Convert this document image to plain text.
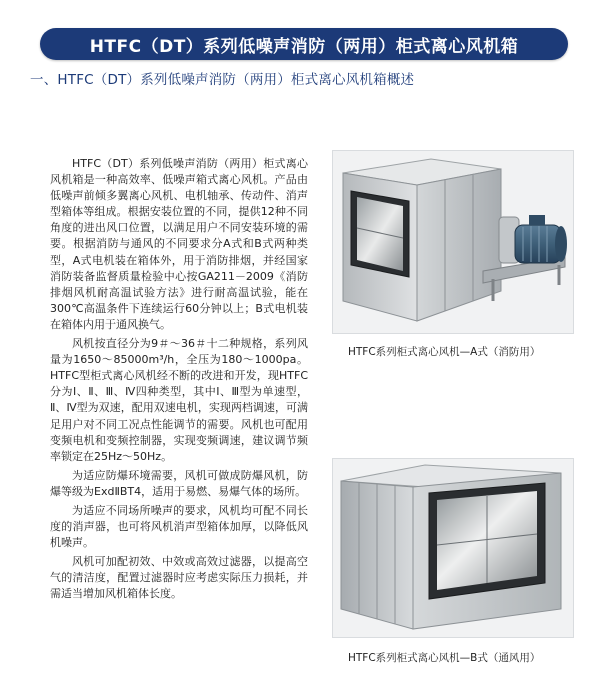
HTFC（DT）系列低噪声消防（两用）柜式离心风机箱
一、HTFC（DT）系列低噪声消防（两用）柜式离心风机箱概述

HTFC（DT）系列低噪声消防（两用）柜式离心风机箱是一种高效率、低噪声箱式离心风机。产品由低噪声前倾多翼离心风机、电机轴承、传动件、消声型箱体等组成。根据安装位置的不同，提供12种不同角度的进出风口位置，以满足用户不同安装环境的需要。根据消防与通风的不同要求分A式和B式两种类型，A式电机装在箱体外，用于消防排烟，并经国家消防装备监督质量检验中心按GA211－2009《消防排烟风机耐高温试验方法》进行耐高温试验，能在300℃高温条件下连续运行60分钟以上；B式电机装在箱体内用于通风换气。

风机按直径分为9＃～36＃十二种规格，系列风量为1650～85000m³/h，全压为180～1000pa。HTFC型柜式离心风机经不断的改进和开发，现HTFC分为Ⅰ、Ⅱ、Ⅲ、Ⅳ四种类型，其中Ⅰ、Ⅲ型为单速型，Ⅱ、Ⅳ型为双速，配用双速电机，实现两档调速，可满足用户对不同工况点性能调节的需要。风机也可配用变频电机和变频控制器，实现变频调速，建议调节频率锁定在25Hz～50Hz。

为适应防爆环境需要，风机可做成防爆风机，防爆等级为ExdⅡBT4，适用于易燃、易爆气体的场所。

为适应不同场所噪声的要求，风机均可配不同长度的消声器，也可将风机消声型箱体加厚，以降低风机噪声。

风机可加配初效、中效或高效过滤器，以提高空气的清洁度，配置过滤器时应考虑实际压力损耗，并需适当增加风机箱体长度。

HTFC系列柜式离心风机—A式（消防用）
HTFC系列柜式离心风机—B式（通风用）
